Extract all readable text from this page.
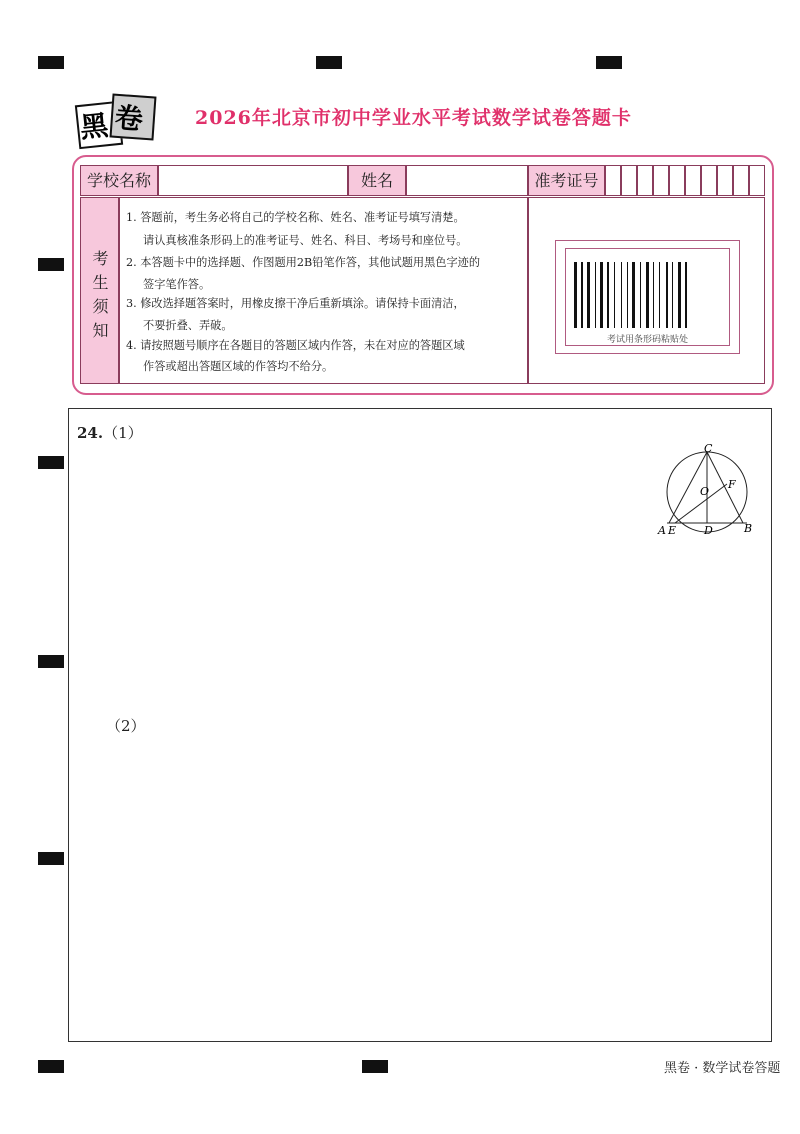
黑 卷	2026年北京市初中学业水平考试数学试卷答题卡
学校名称	姓名	准考证号
考
生
须
知
1. 答题前，考生务必将自己的学校名称、姓名、准考证号填写清楚。
请认真核准条形码上的准考证号、姓名、科目、考场号和座位号。
2. 本答题卡中的选择题、作图题用2B铅笔作答，其他试题用黑色字迹的
签字笔作答。
3. 修改选择题答案时，用橡皮擦干净后重新填涂。请保持卡面清洁，
不要折叠、弄破。
4. 请按照题号顺序在各题目的答题区域内作答，未在对应的答题区域
作答或超出答题区域的作答均不给分。
考试用条形码粘贴处
24.（1）
（2）
C
O
F
A E	D	B
黑卷 · 数学试卷答题
